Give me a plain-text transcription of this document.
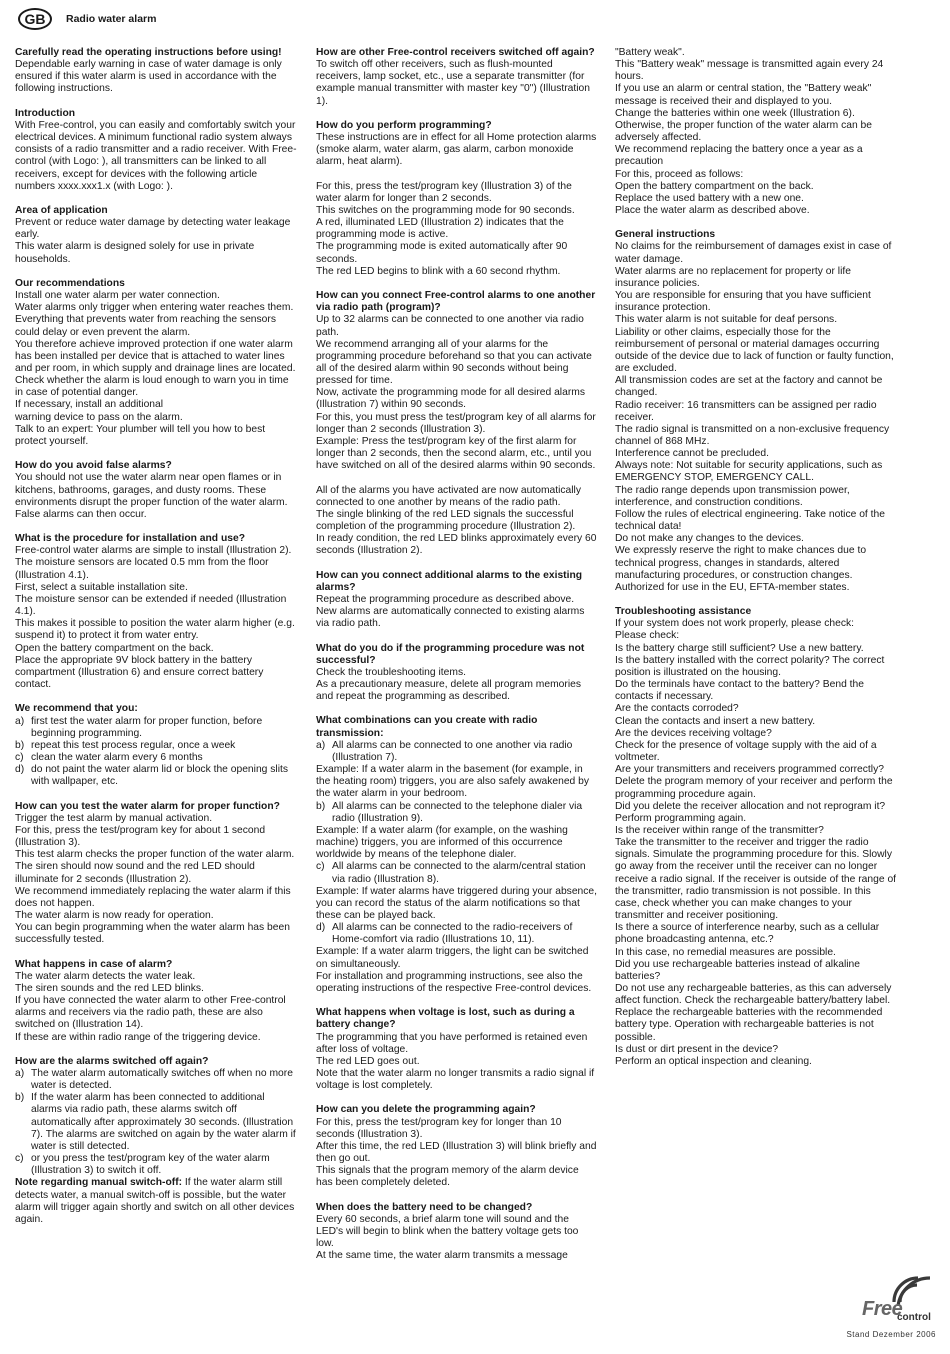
GB	Radio water alarm
Carefully read the operating instructions before using!
Dependable early warning in case of water damage is only ensured if this water alarm is used in accordance with the following instructions.
Introduction
With Free-control, you can easily and comfortably switch your electrical devices. A minimum functional radio system always consists of a radio transmitter and a radio receiver. With Free-control (with Logo: ), all transmitters can be linked to all receivers, except for devices with the following article numbers xxxx.xxx1.x (with Logo: ).
Area of application
Prevent or reduce water damage by detecting water leakage early.
This water alarm is designed solely for use in private households.
Our recommendations
Install one water alarm per water connection.
Water alarms only trigger when entering water reaches them.
Everything that prevents water from reaching the sensors could delay or even prevent the alarm.
You therefore achieve improved protection if one water alarm has been installed per device that is attached to water lines and per room, in which supply and drainage lines are located.
Check whether the alarm is loud enough to warn you in time in case of potential danger.
If necessary, install an additional
warning device to pass on the alarm.
Talk to an expert: Your plumber will tell you how to best protect yourself.
How do you avoid false alarms?
You should not use the water alarm near open flames or in kitchens, bathrooms, garages, and dusty rooms. These environments disrupt the proper function of the water alarm.
False alarms can then occur.
What is the procedure for installation and use?
Free-control water alarms are simple to install (Illustration 2).
The moisture sensors are located 0.5 mm from the floor (Illustration 4.1).
First, select a suitable installation site.
The moisture sensor can be extended if needed (Illustration 4.1).
This makes it possible to position the water alarm higher (e.g. suspend it) to protect it from water entry.
Open the battery compartment on the back.
Place the appropriate 9V block battery in the battery compartment (Illustration 6) and ensure correct battery contact.
We recommend that you:
a) first test the water alarm for proper function, before beginning programming.
b) repeat this test process regular, once a week
c) clean the water alarm every 6 months
d) do not paint the water alarm lid or block the opening slits with wallpaper, etc.
How can you test the water alarm for proper function?
Trigger the test alarm by manual activation.
For this, press the test/program key for about 1 second (Illustration 3).
This test alarm checks the proper function of the water alarm.
The siren should now sound and the red LED should illuminate for 2 seconds (Illustration 2).
We recommend immediately replacing the water alarm if this does not happen.
The water alarm is now ready for operation.
You can begin programming when the water alarm has been successfully tested.
What happens in case of alarm?
The water alarm detects the water leak.
The siren sounds and the red LED blinks.
If you have connected the water alarm to other Free-control alarms and receivers via the radio path, these are also switched on (Illustration 14).
If these are within radio range of the triggering device.
How are the alarms switched off again?
a) The water alarm automatically switches off when no more water is detected.
b) If the water alarm has been connected to additional alarms via radio path, these alarms switch off automatically after approximately 30 seconds. (Illustration 7). The alarms are switched on again by the water alarm if water is still detected.
c) or you press the test/program key of the water alarm (Illustration 3) to switch it off.
Note regarding manual switch-off: If the water alarm still detects water, a manual switch-off is possible, but the water alarm will trigger again shortly and switch on all other devices again.
How are other Free-control receivers switched off again?
To switch off other receivers, such as flush-mounted receivers, lamp socket, etc., use a separate transmitter (for example manual transmitter with master key "0") (Illustration 1).
How do you perform programming?
These instructions are in effect for all Home protection alarms (smoke alarm, water alarm, gas alarm, carbon monoxide alarm, heat alarm).
For this, press the test/program key (Illustration 3) of the water alarm for longer than 2 seconds.
This switches on the programming mode for 90 seconds.
A red, illuminated LED (Illustration 2) indicates that the programming mode is active.
The programming mode is exited automatically after 90 seconds.
The red LED begins to blink with a 60 second rhythm.
How can you connect Free-control alarms to one another via radio path (program)?
Up to 32 alarms can be connected to one another via radio path.
We recommend arranging all of your alarms for the programming procedure beforehand so that you can activate all of the desired alarm within 90 seconds without being pressed for time.
Now, activate the programming mode for all desired alarms (Illustration 7) within 90 seconds.
For this, you must press the test/program key of all alarms for longer than 2 seconds (Illustration 3).
Example: Press the test/program key of the first alarm for longer than 2 seconds, then the second alarm, etc., until you have switched on all of the desired alarms within 90 seconds.
All of the alarms you have activated are now automatically connected to one another by means of the radio path.
The single blinking of the red LED signals the successful completion of the programming procedure (Illustration 2).
In ready condition, the red LED blinks approximately every 60 seconds (Illustration 2).
How can you connect additional alarms to the existing alarms?
Repeat the programming procedure as described above.
New alarms are automatically connected to existing alarms via radio path.
What do you do if the programming procedure was not successful?
Check the troubleshooting items.
As a precautionary measure, delete all program memories and repeat the programming as described.
What combinations can you create with radio transmission:
a) All alarms can be connected to one another via radio (Illustration 7).
Example: If a water alarm in the basement (for example, in the heating room) triggers, you are also safely awakened by the water alarm in your bedroom.
b) All alarms can be connected to the telephone dialer via radio (Illustration 9).
Example: If a water alarm (for example, on the washing machine) triggers, you are informed of this occurrence worldwide by means of the telephone dialer.
c) All alarms can be connected to the alarm/central station via radio (Illustration 8).
Example: If water alarms have triggered during your absence, you can record the status of the alarm notifications so that these can be played back.
d) All alarms can be connected to the radio-receivers of Home-comfort via radio (Illustrations 10, 11).
Example: If a water alarm triggers, the light can be switched on simultaneously.
For installation and programming instructions, see also the operating instructions of the respective Free-control devices.
What happens when voltage is lost, such as during a battery change?
The programming that you have performed is retained even after loss of voltage.
The red LED goes out.
Note that the water alarm no longer transmits a radio signal if voltage is lost completely.
How can you delete the programming again?
For this, press the test/program key for longer than 10 seconds (Illustration 3).
After this time, the red LED (Illustration 3) will blink briefly and then go out.
This signals that the program memory of the alarm device has been completely deleted.
When does the battery need to be changed?
Every 60 seconds, a brief alarm tone will sound and the LED's will begin to blink when the battery voltage gets too low.
At the same time, the water alarm transmits a message
"Battery weak".
This "Battery weak" message is transmitted again every 24 hours.
If you use an alarm or central station, the "Battery weak" message is received their and displayed to you.
Change the batteries within one week (Illustration 6). Otherwise, the proper function of the water alarm can be adversely affected.
We recommend replacing the battery once a year as a precaution
For this, proceed as follows:
Open the battery compartment on the back.
Replace the used battery with a new one.
Place the water alarm as described above.
General instructions
No claims for the reimbursement of damages exist in case of water damage.
Water alarms are no replacement for property or life insurance policies.
You are responsible for ensuring that you have sufficient insurance protection.
This water alarm is not suitable for deaf persons.
Liability or other claims, especially those for the reimbursement of personal or material damages occurring outside of the device due to lack of function or faulty function, are excluded.
All transmission codes are set at the factory and cannot be changed.
Radio receiver: 16 transmitters can be assigned per radio receiver.
The radio signal is transmitted on a non-exclusive frequency channel of 868 MHz.
Interference cannot be precluded.
Always note: Not suitable for security applications, such as EMERGENCY STOP, EMERGENCY CALL.
The radio range depends upon transmission power, interference, and construction conditions.
Follow the rules of electrical engineering. Take notice of the technical data!
Do not make any changes to the devices.
We expressly reserve the right to make chances due to technical progress, changes in standards, altered manufacturing procedures, or construction changes.
Authorized for use in the EU, EFTA-member states.
Troubleshooting assistance
If your system does not work properly, please check:
Please check:
Is the battery charge still sufficient? Use a new battery.
Is the battery installed with the correct polarity? The correct position is illustrated on the housing.
Do the terminals have contact to the battery? Bend the contacts if necessary.
Are the contacts corroded?
Clean the contacts and insert a new battery.
Are the devices receiving voltage?
Check for the presence of voltage supply with the aid of a voltmeter.
Are your transmitters and receivers programmed correctly?
Delete the program memory of your receiver and perform the programming procedure again.
Did you delete the receiver allocation and not reprogram it?
Perform programming again.
Is the receiver within range of the transmitter?
Take the transmitter to the receiver and trigger the radio signals. Simulate the programming procedure for this. Slowly go away from the receiver until the receiver can no longer receive a radio signal. If the receiver is outside of the range of the transmitter, radio transmission is not possible. In this case, check whether you can make changes to your transmitter and receiver positioning.
Is there a source of interference nearby, such as a cellular phone broadcasting antenna, etc.?
In this case, no remedial measures are possible.
Did you use rechargeable batteries instead of alkaline batteries?
Do not use any rechargeable batteries, as this can adversely affect function. Check the rechargeable battery/battery label. Replace the rechargeable batteries with the recommended battery type. Operation with rechargeable batteries is not possible.
Is dust or dirt present in the device?
Perform an optical inspection and cleaning.
Free
control
Stand Dezember 2006
